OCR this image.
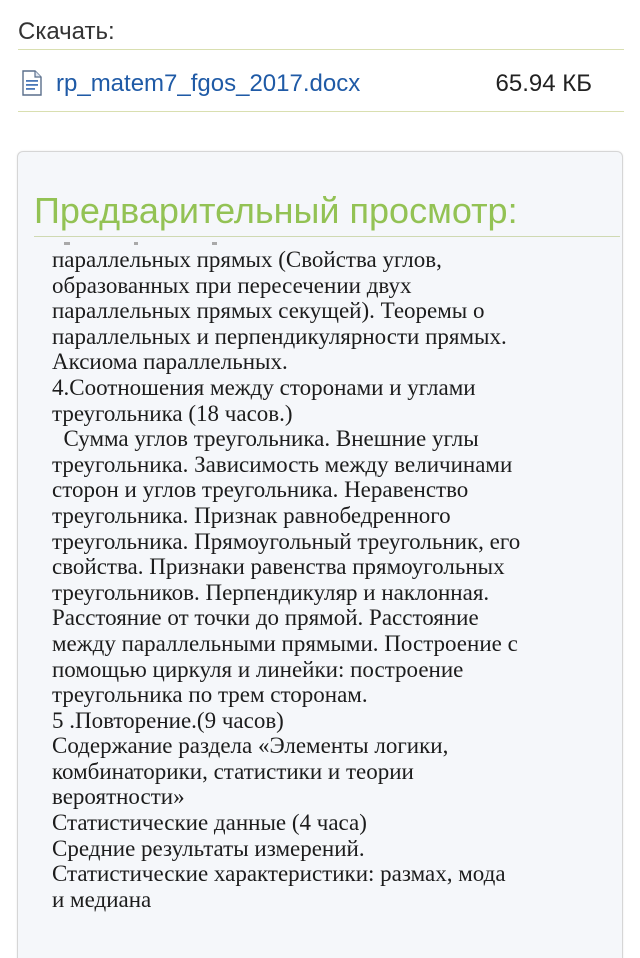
Скачать:
rp_matem7_fgos_2017.docx	65.94 КБ
Предварительный просмотр:
параллельных прямых (Свойства углов,
образованных при пересечении двух
параллельных прямых секущей). Теоремы о
параллельных и перпендикулярности прямых.
Аксиома параллельных.
4.Соотношения между сторонами и углами
треугольника (18 часов.)
Сумма углов треугольника. Внешние углы
треугольника. Зависимость между величинами
сторон и углов треугольника. Неравенство
треугольника. Признак равнобедренного
треугольника. Прямоугольный треугольник, его
свойства. Признаки равенства прямоугольных
треугольников. Перпендикуляр и наклонная.
Расстояние от точки до прямой. Расстояние
между параллельными прямыми. Построение с
помощью циркуля и линейки: построение
треугольника по трем сторонам.
5 .Повторение.(9 часов)
Содержание раздела «Элементы логики,
комбинаторики, статистики и теории
вероятности»
Статистические данные (4 часа)
Средние результаты измерений.
Статистические характеристики: размах, мода
и медиана
